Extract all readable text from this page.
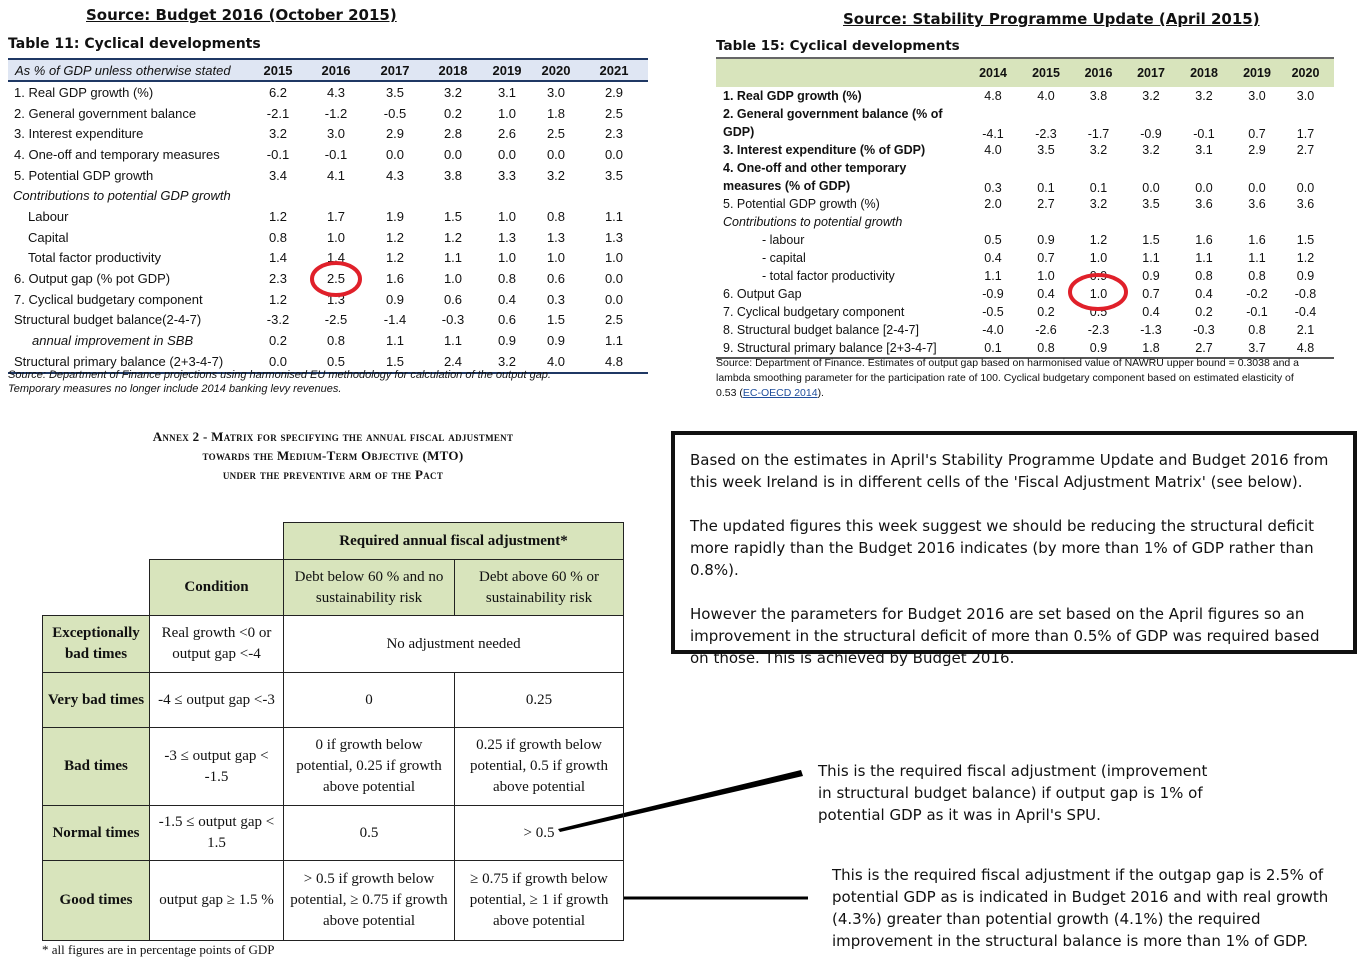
Source: Budget 2016 (October 2015)
Table 11: Cyclical developments
As % of GDP unless otherwise stated	2015	2016	2017	2018	2019	2020	2021
1. Real GDP growth (%)	6.2	4.3	3.5	3.2	3.1	3.0	2.9
2. General government balance	-2.1	-1.2	-0.5	0.2	1.0	1.8	2.5
3. Interest expenditure	3.2	3.0	2.9	2.8	2.6	2.5	2.3
4. One-off and temporary measures	-0.1	-0.1	0.0	0.0	0.0	0.0	0.0
5. Potential GDP growth	3.4	4.1	4.3	3.8	3.3	3.2	3.5
Contributions to potential GDP growth							
Labour	1.2	1.7	1.9	1.5	1.0	0.8	1.1
Capital	0.8	1.0	1.2	1.2	1.3	1.3	1.3
Total factor productivity	1.4	1.4	1.2	1.1	1.0	1.0	1.0
6. Output gap (% pot GDP)	2.3	2.5	1.6	1.0	0.8	0.6	0.0
7. Cyclical budgetary component	1.2	1.3	0.9	0.6	0.4	0.3	0.0
Structural budget balance(2-4-7)	-3.2	-2.5	-1.4	-0.3	0.6	1.5	2.5
annual improvement in SBB	0.2	0.8	1.1	1.1	0.9	0.9	1.1
Structural primary balance (2+3-4-7)	0.0	0.5	1.5	2.4	3.2	4.0	4.8
Source: Department of Finance projections using harmonised EU methodology for calculation of the output gap.
Temporary measures no longer include 2014 banking levy revenues.
Source: Stability Programme Update (April 2015)
Table 15: Cyclical developments
	2014	2015	2016	2017	2018	2019	2020

1. Real GDP growth (%)	4.8	4.0	3.8	3.2	3.2	3.0	3.0

2. General government balance (% of
GDP)	-4.1	-2.3	-1.7	-0.9	-0.1	0.7	1.7

3. Interest expenditure (% of GDP)	4.0	3.5	3.2	3.2	3.1	2.9	2.7

4. One-off and other temporary
measures (% of GDP)	0.3	0.1	0.1	0.0	0.0	0.0	0.0

5. Potential GDP growth (%)	2.0	2.7	3.2	3.5	3.6	3.6	3.6

Contributions to potential growth							

- labour	0.5	0.9	1.2	1.5	1.6	1.6	1.5

- capital	0.4	0.7	1.0	1.1	1.1	1.1	1.2

- total factor productivity	1.1	1.0	0.9	0.9	0.8	0.8	0.9

6. Output Gap	-0.9	0.4	1.0	0.7	0.4	-0.2	-0.8

7. Cyclical budgetary component	-0.5	0.2	0.5	0.4	0.2	-0.1	-0.4

8. Structural budget balance [2-4-7]	-4.0	-2.6	-2.3	-1.3	-0.3	0.8	2.1

9. Structural primary balance [2+3-4-7]	0.1	0.8	0.9	1.8	2.7	3.7	4.8
Source: Department of Finance. Estimates of output gap based on harmonised value of NAWRU upper bound = 0.3038 and a
lambda smoothing parameter for the participation rate of 100. Cyclical budgetary component based on estimated elasticity of
0.53 (EC-OECD 2014).
Annex 2 - Matrix for specifying the annual fiscal adjustment
towards the Medium-Term Objective (MTO)
under the preventive arm of the Pact
		Required annual fiscal adjustment*	
	Condition	Debt below 60 % and no sustainability risk	Debt above 60 % or sustainability risk
Exceptionally bad times	Real growth <0 or output gap <-4	No adjustment needed	
Very bad times	-4 ≤ output gap <-3	0	0.25
Bad times	-3 ≤ output gap < -1.5	0 if growth below potential, 0.25 if growth above potential	0.25 if growth below potential, 0.5 if growth above potential
Normal times	-1.5 ≤ output gap < 1.5	0.5	> 0.5
Good times	output gap ≥ 1.5 %	> 0.5 if growth below potential, ≥ 0.75 if growth above potential	≥ 0.75 if growth below potential, ≥ 1 if growth above potential
* all figures are in percentage points of GDP

Based on the estimates in April's Stability Programme Update and Budget 2016 from this week Ireland is in different cells of the 'Fiscal Adjustment Matrix' (see below).

The updated figures this week suggest we should be reducing the structural deficit more rapidly than the Budget 2016 indicates (by more than 1% of GDP rather than 0.8%).

However the parameters for Budget 2016 are set based on the April figures so an improvement in the structural deficit of more than 0.5% of GDP was required based on those. This is achieved by Budget 2016.

This is the required fiscal adjustment (improvement in structural budget balance) if output gap is 1% of potential GDP as it was in April's SPU.
This is the required fiscal adjustment if the outgap gap is 2.5% of potential GDP as is indicated in Budget 2016 and with real growth (4.3%) greater than potential growth (4.1%) the required improvement in the structural balance is more than 1% of GDP.
